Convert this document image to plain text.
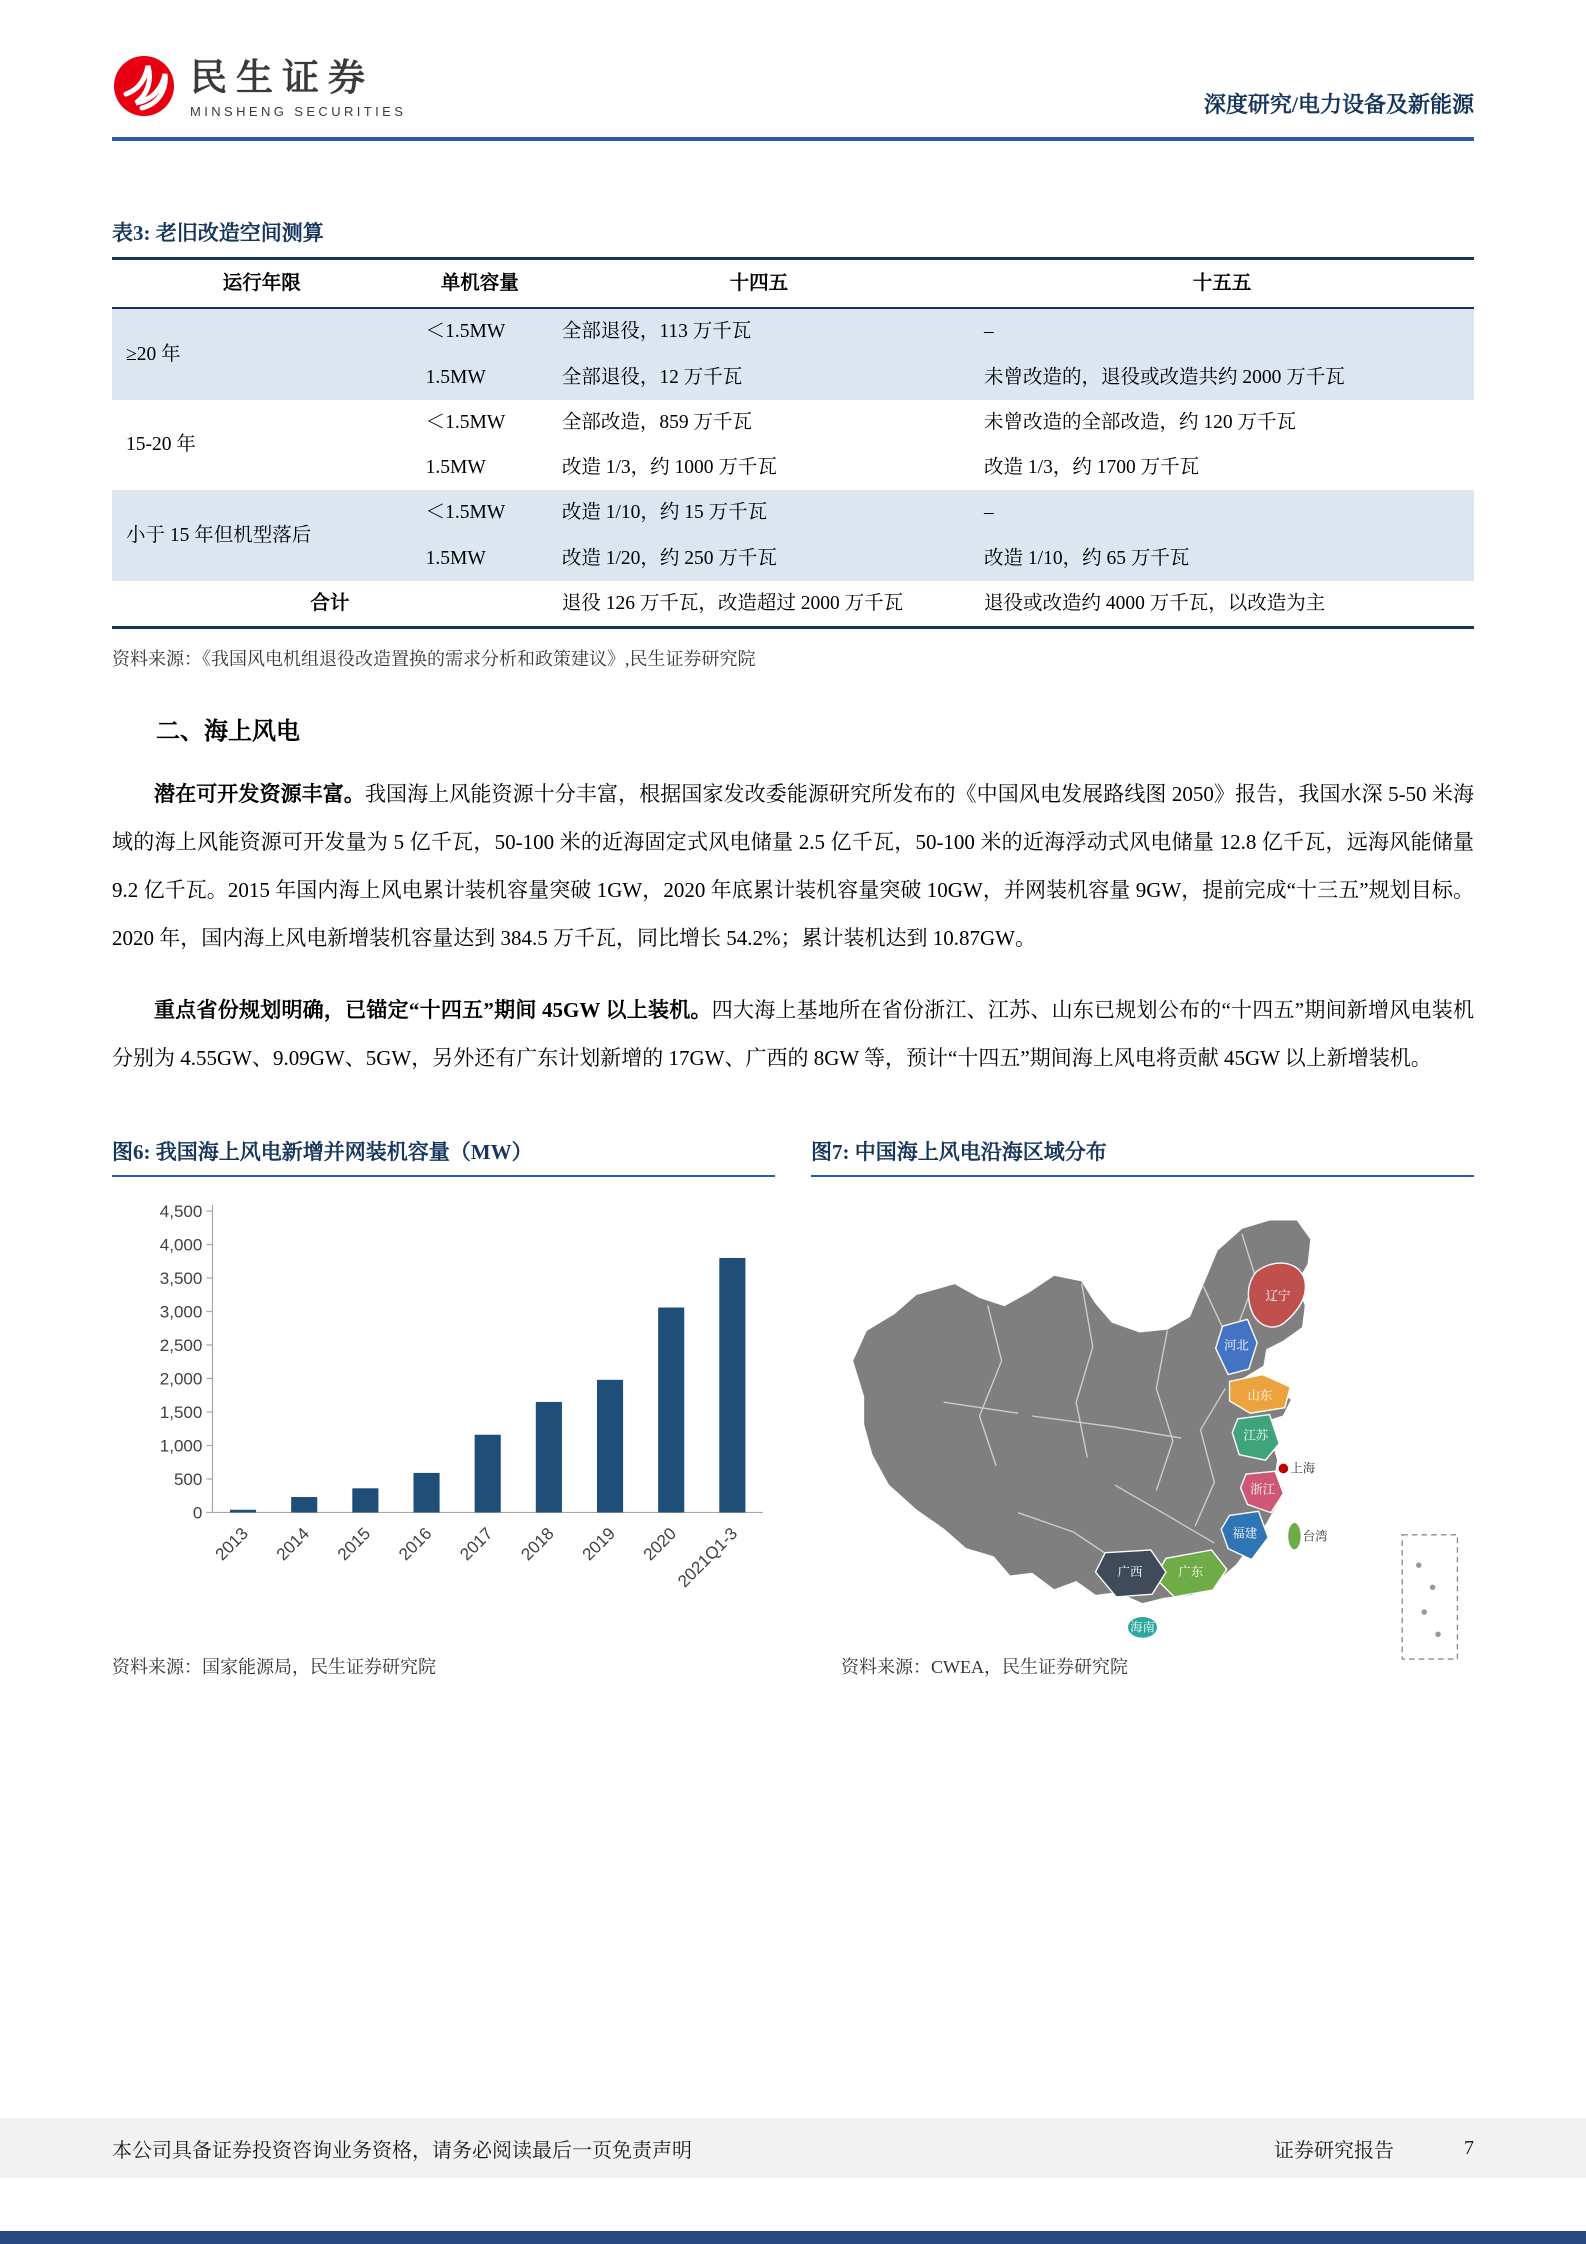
民生证券
MINSHENG SECURITIES	深度研究/电力设备及新能源
表3: 老旧改造空间测算
运行年限	单机容量	十四五	十五五
≥20 年	＜1.5MW	全部退役，113 万千瓦	–
	1.5MW	全部退役，12 万千瓦	未曾改造的，退役或改造共约 2000 万千瓦
15-20 年	＜1.5MW	全部改造，859 万千瓦	未曾改造的全部改造，约 120 万千瓦
	1.5MW	改造 1/3，约 1000 万千瓦	改造 1/3，约 1700 万千瓦
小于 15 年但机型落后	＜1.5MW	改造 1/10，约 15 万千瓦	–
	1.5MW	改造 1/20，约 250 万千瓦	改造 1/10，约 65 万千瓦
合计		退役 126 万千瓦，改造超过 2000 万千瓦	退役或改造约 4000 万千瓦，以改造为主
资料来源：《我国风电机组退役改造置换的需求分析和政策建议》,民生证券研究院
二、海上风电

潜在可开发资源丰富。我国海上风能资源十分丰富，根据国家发改委能源研究所发布的《中国风电发展路线图 2050》报告，我国水深 5-50 米海域的海上风能资源可开发量为 5 亿千瓦，50-100 米的近海固定式风电储量 2.5 亿千瓦，50-100 米的近海浮动式风电储量 12.8 亿千瓦，远海风能储量 9.2 亿千瓦。2015 年国内海上风电累计装机容量突破 1GW，2020 年底累计装机容量突破 10GW，并网装机容量 9GW，提前完成“十三五”规划目标。2020 年，国内海上风电新增装机容量达到 384.5 万千瓦，同比增长 54.2%；累计装机达到 10.87GW。

重点省份规划明确，已锚定“十四五”期间 45GW 以上装机。四大海上基地所在省份浙江、江苏、山东已规划公布的“十四五”期间新增风电装机分别为 4.55GW、9.09GW、5GW，另外还有广东计划新增的 17GW、广西的 8GW 等，预计“十四五”期间海上风电将贡献 45GW 以上新增装机。

图6: 我国海上风电新增并网装机容量（MW）
0
500
1,000
1,500
2,000
2,500
3,000
3,500
4,000
4,500
2013 2014 2015 2016 2017 2018 2019 2020
2021Q1-3
资料来源：国家能源局，民生证券研究院
图7: 中国海上风电沿海区域分布
辽宁
河北
山东
江苏
上海
浙江
福建
广东
广西
海南
台湾
资料来源：CWEA，民生证券研究院
本公司具备证券投资咨询业务资格，请务必阅读最后一页免责声明	证券研究报告	7
